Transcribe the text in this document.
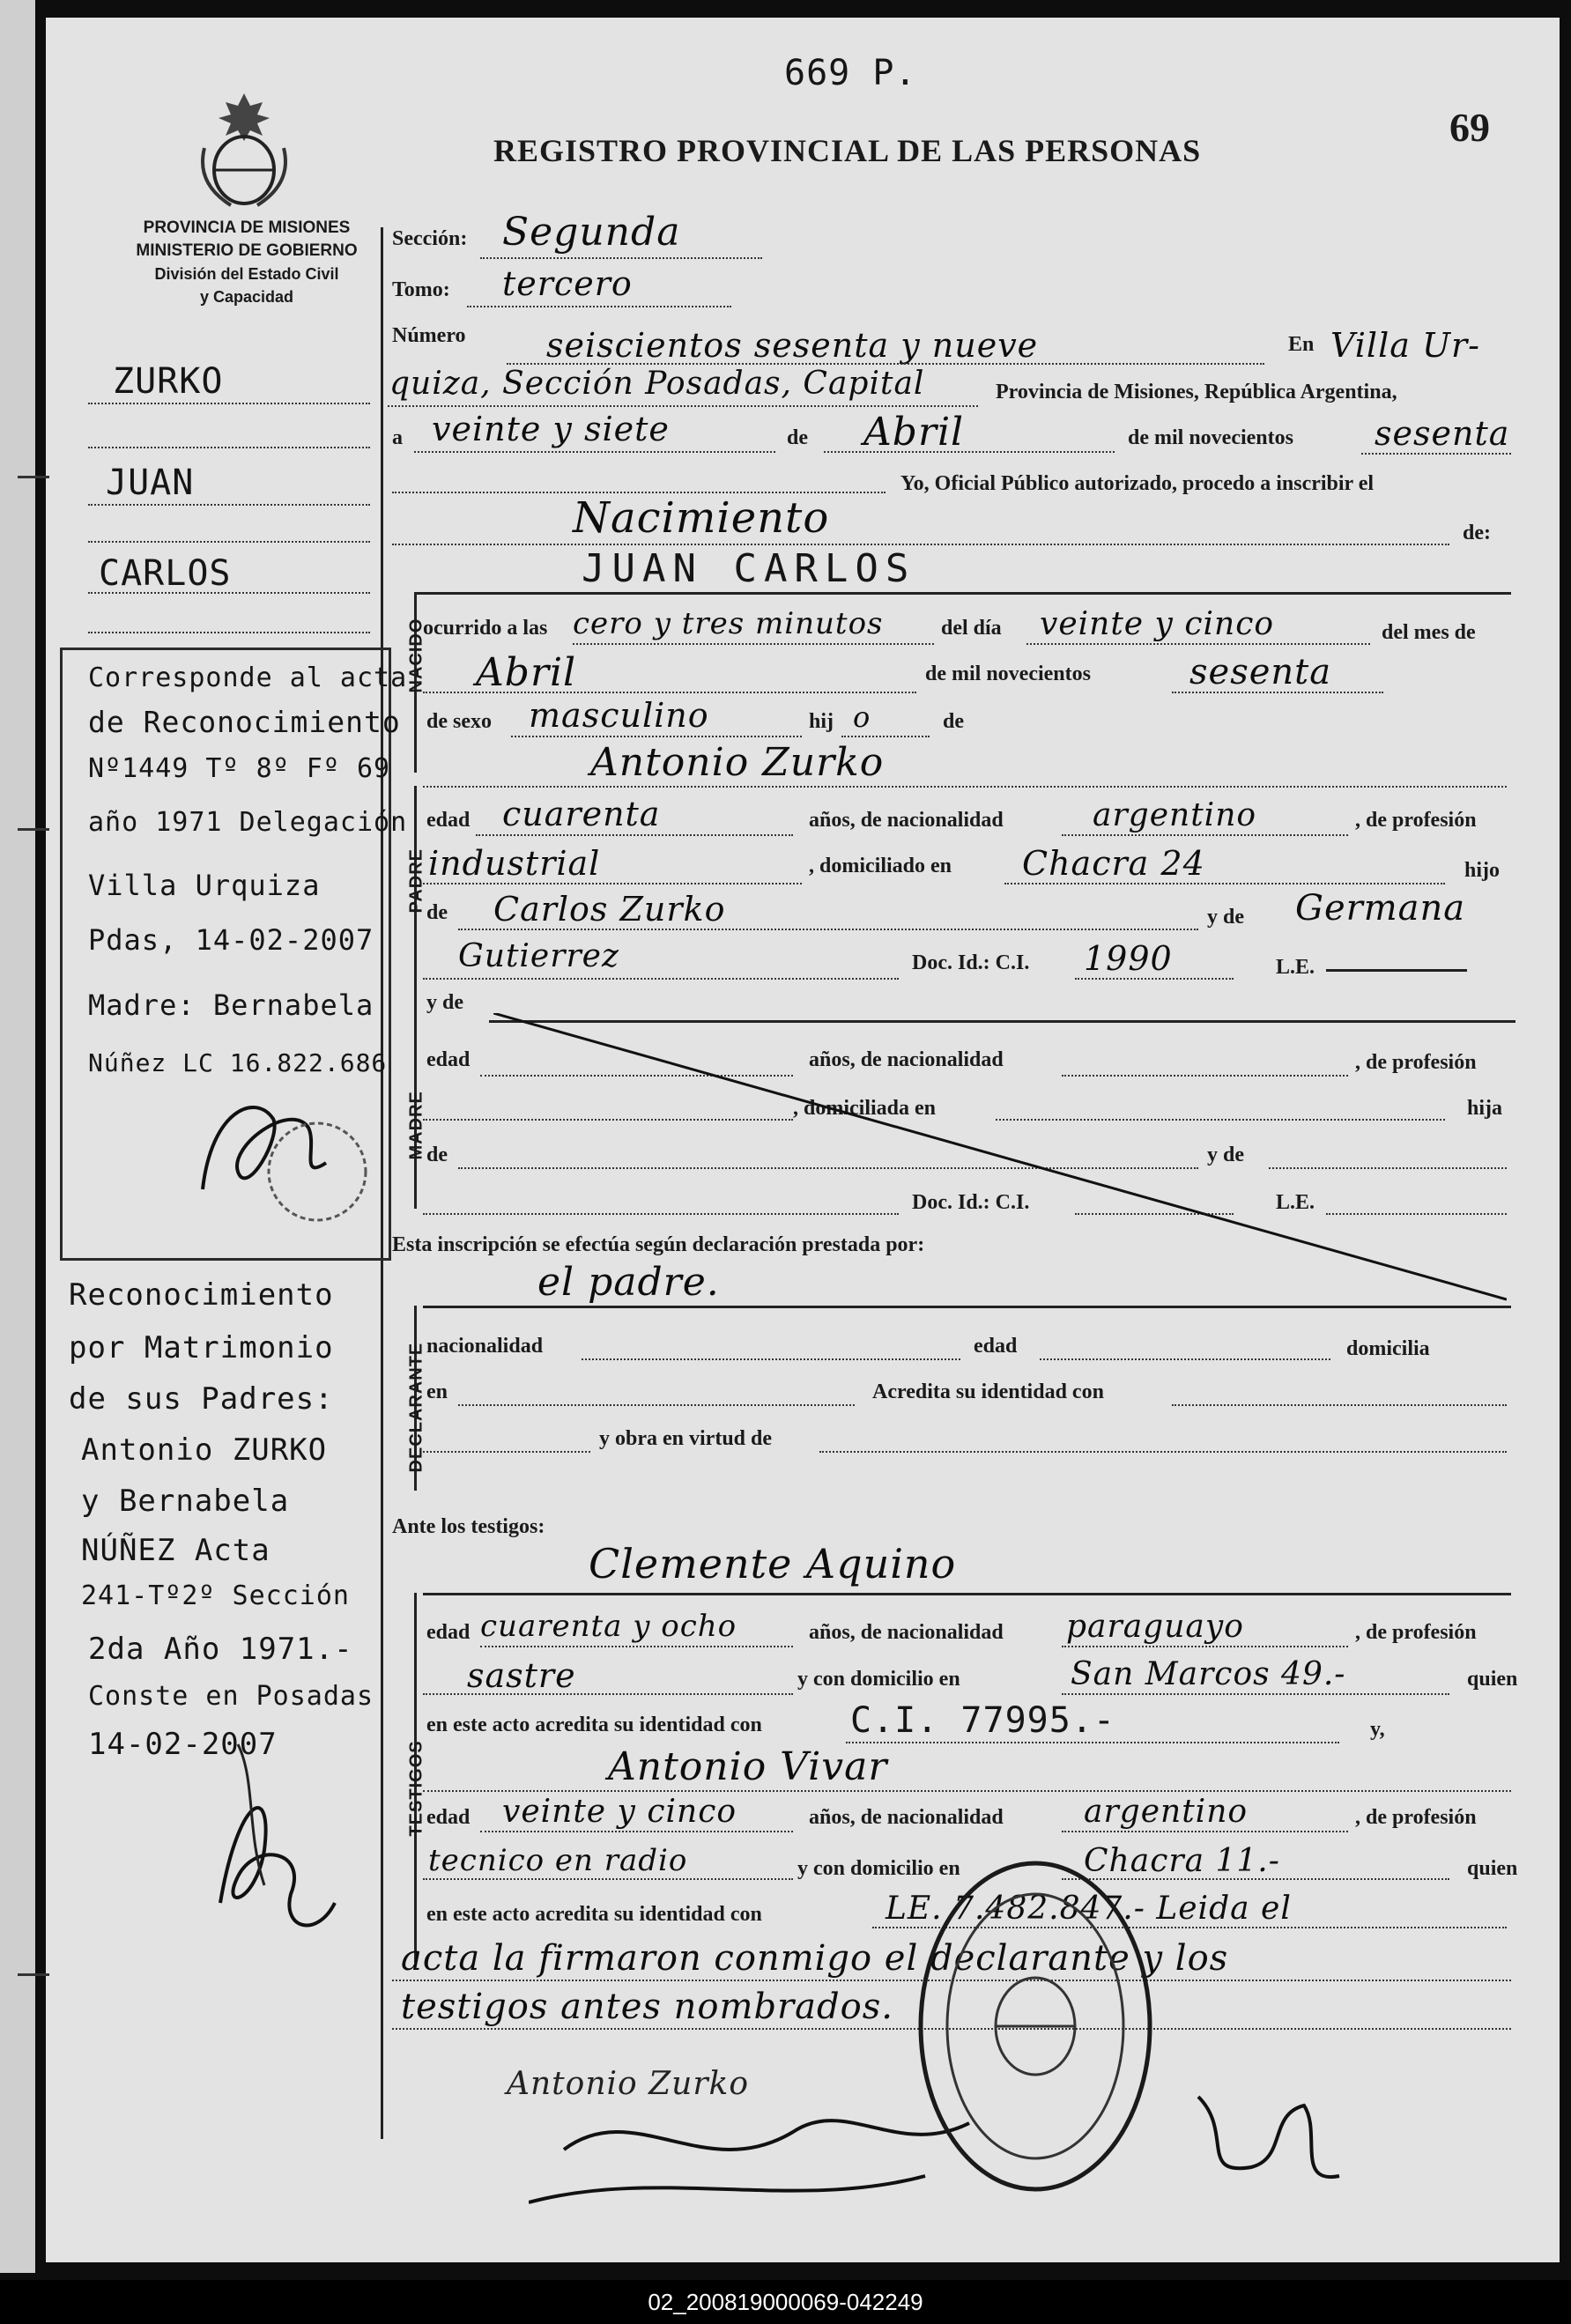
669 P.
69
REGISTRO PROVINCIAL DE LAS PERSONAS
PROVINCIA DE MISIONES
MINISTERIO DE GOBIERNO
División del Estado Civil
y Capacidad
ZURKO
JUAN
CARLOS
Corresponde al acta
de Reconocimiento
Nº1449 Tº 8º Fº 69
año 1971 Delegación
Villa Urquiza
Pdas, 14-02-2007
Madre: Bernabela
Núñez LC 16.822.686
Reconocimiento
por Matrimonio
de sus Padres:
Antonio ZURKO
y Bernabela
NÚÑEZ Acta
241-Tº2º Sección
2da Año 1971.-
Conste en Posadas
14-02-2007
Sección: Segunda
Tomo: tercero
Número seiscientos sesenta y nueve	En Villa Ur-
quiza, Sección Posadas, Capital	Provincia de Misiones, República Argentina,
a veinte y siete	de Abril	de mil novecientos sesenta
Yo, Oficial Público autorizado, procedo a inscribir el
Nacimiento	de:
JUAN CARLOS
NACIDO
ocurrido a las cero y tres minutos	del día veinte y cinco	del mes de
Abril	de mil novecientos	sesenta
de sexo masculino	hij o	de
Antonio Zurko
PADRE
edad cuarenta	años, de nacionalidad	argentino	, de profesión
industrial	, domiciliado en Chacra 24	hijo
de Carlos Zurko	y de Germana
Gutierrez	Doc. Id.: C.I. 1990	L.E.
y de
MADRE
edad	años, de nacionalidad	, de profesión
, domiciliada en	hija
de	y de
Doc. Id.: C.I.	L.E.
Esta inscripción se efectúa según declaración prestada por:
el padre.
DECLARANTE nacionalidad	edad	domicilia
en	Acredita su identidad con
y obra en virtud de
Ante los testigos:
Clemente Aquino
TESTIGOS
edad cuarenta y ocho	años, de nacionalidad paraguayo	, de profesión
sastre	y con domicilio en	San Marcos 49.-	quien
en este acto acredita su identidad con	C.I. 77995.-	y,
Antonio Vivar
edad veinte y cinco	años, de nacionalidad	argentino	, de profesión
tecnico en radio	y con domicilio en	Chacra 11.-	quien
en este acto acredita su identidad con	LE. 7.482.847.- Leida el
acta la firmaron conmigo el declarante y los
testigos antes nombrados.
Antonio Zurko
02_200819000069-042249
